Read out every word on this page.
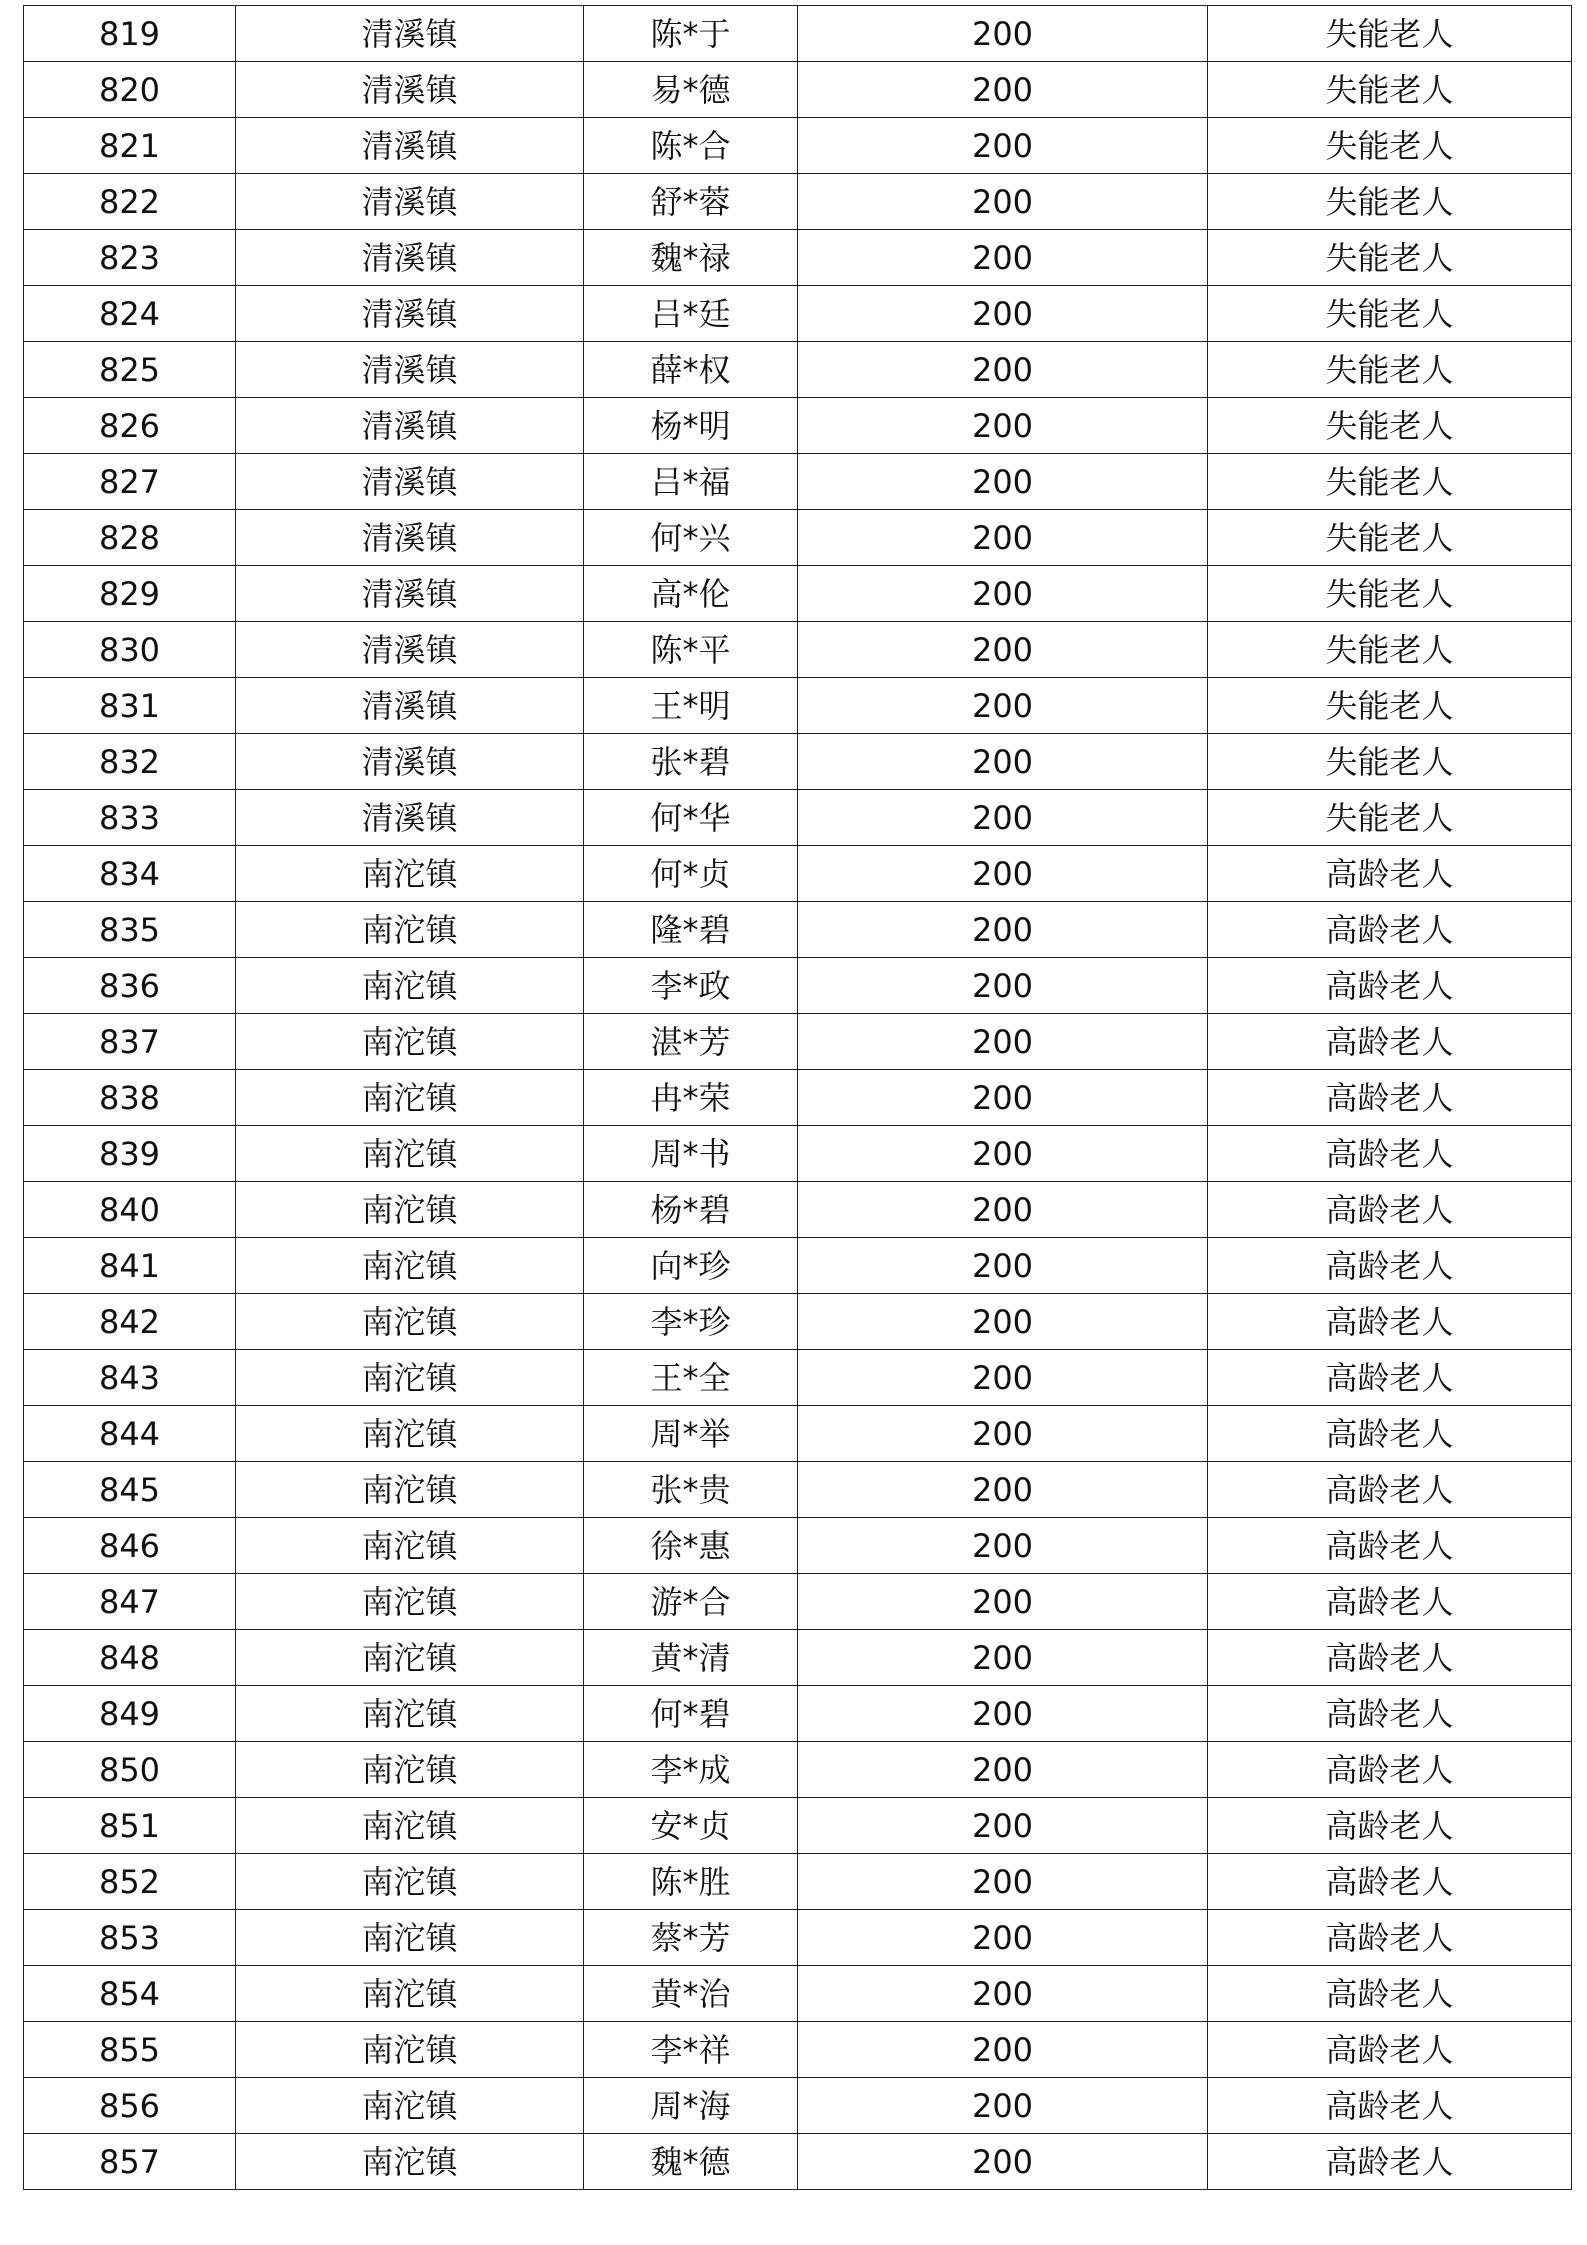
819	清溪镇	陈*于	200	失能老人
820	清溪镇	易*德	200	失能老人
821	清溪镇	陈*合	200	失能老人
822	清溪镇	舒*蓉	200	失能老人
823	清溪镇	魏*禄	200	失能老人
824	清溪镇	吕*廷	200	失能老人
825	清溪镇	薛*权	200	失能老人
826	清溪镇	杨*明	200	失能老人
827	清溪镇	吕*福	200	失能老人
828	清溪镇	何*兴	200	失能老人
829	清溪镇	高*伦	200	失能老人
830	清溪镇	陈*平	200	失能老人
831	清溪镇	王*明	200	失能老人
832	清溪镇	张*碧	200	失能老人
833	清溪镇	何*华	200	失能老人
834	南沱镇	何*贞	200	高龄老人
835	南沱镇	隆*碧	200	高龄老人
836	南沱镇	李*政	200	高龄老人
837	南沱镇	湛*芳	200	高龄老人
838	南沱镇	冉*荣	200	高龄老人
839	南沱镇	周*书	200	高龄老人
840	南沱镇	杨*碧	200	高龄老人
841	南沱镇	向*珍	200	高龄老人
842	南沱镇	李*珍	200	高龄老人
843	南沱镇	王*全	200	高龄老人
844	南沱镇	周*举	200	高龄老人
845	南沱镇	张*贵	200	高龄老人
846	南沱镇	徐*惠	200	高龄老人
847	南沱镇	游*合	200	高龄老人
848	南沱镇	黄*清	200	高龄老人
849	南沱镇	何*碧	200	高龄老人
850	南沱镇	李*成	200	高龄老人
851	南沱镇	安*贞	200	高龄老人
852	南沱镇	陈*胜	200	高龄老人
853	南沱镇	蔡*芳	200	高龄老人
854	南沱镇	黄*治	200	高龄老人
855	南沱镇	李*祥	200	高龄老人
856	南沱镇	周*海	200	高龄老人
857	南沱镇	魏*德	200	高龄老人
